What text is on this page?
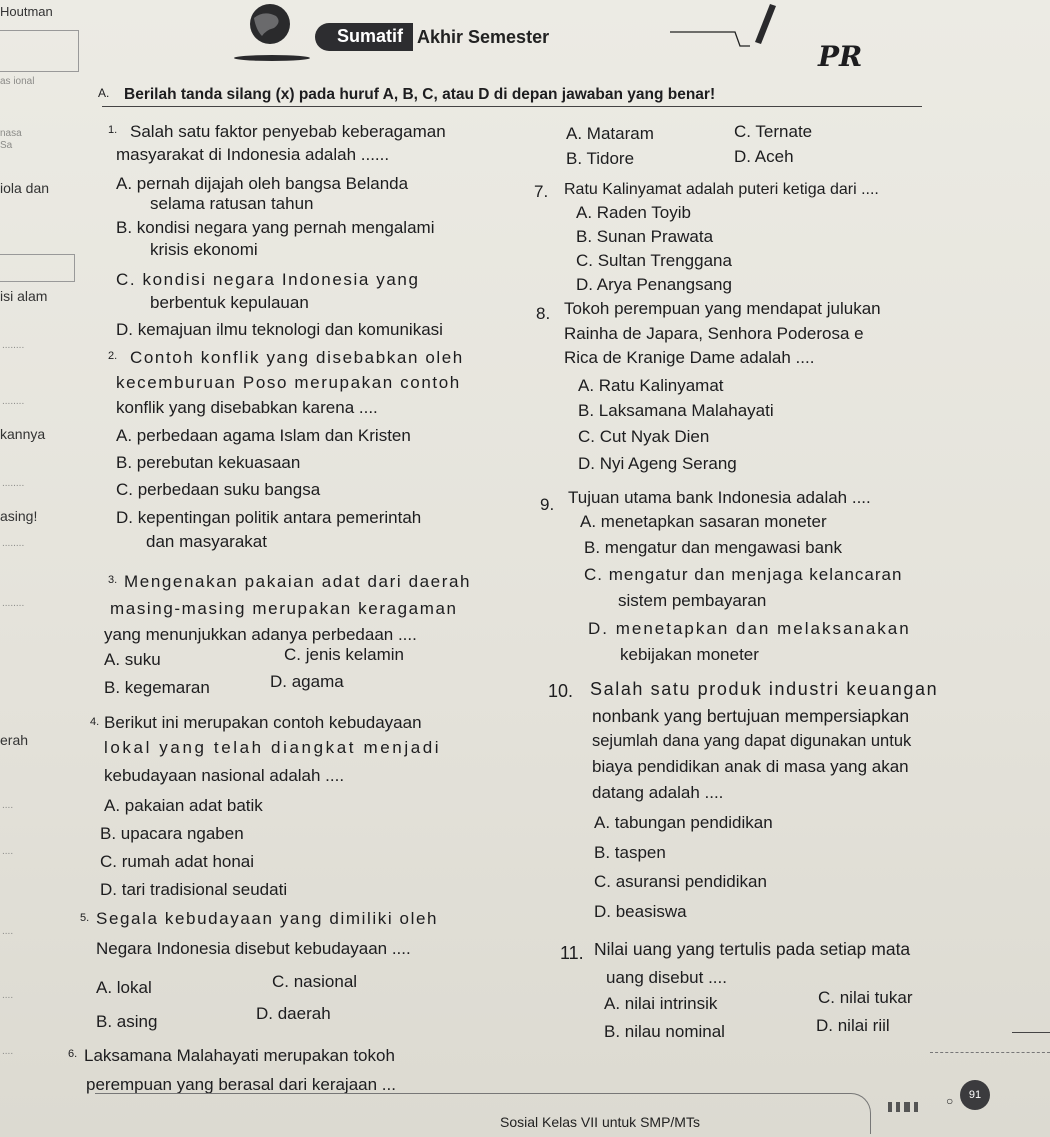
Houtman
as ional
nasa
Sa
iola dan
isi alam
........
........
kannya
........
asing!
........
........
erah
....
....
....
....
....
Sumatif Akhir Semester
PR
A. Berilah tanda silang (x) pada huruf A, B, C, atau D di depan jawaban yang benar!
1. Salah satu faktor penyebab keberagaman
masyarakat di Indonesia adalah ......
A. pernah dijajah oleh bangsa Belanda
selama ratusan tahun
B. kondisi negara yang pernah mengalami
krisis ekonomi
C. kondisi negara Indonesia yang
berbentuk kepulauan
D. kemajuan ilmu teknologi dan komunikasi
2. Contoh konflik yang disebabkan oleh
kecemburuan Poso merupakan contoh
konflik yang disebabkan karena ....
A. perbedaan agama Islam dan Kristen
B. perebutan kekuasaan
C. perbedaan suku bangsa
D. kepentingan politik antara pemerintah
dan masyarakat
3. Mengenakan pakaian adat dari daerah
masing-masing merupakan keragaman
yang menunjukkan adanya perbedaan ....
A. suku	C. jenis kelamin
B. kegemaran	D. agama
4. Berikut ini merupakan contoh kebudayaan
lokal yang telah diangkat menjadi
kebudayaan nasional adalah ....
A. pakaian adat batik
B. upacara ngaben
C. rumah adat honai
D. tari tradisional seudati
5. Segala kebudayaan yang dimiliki oleh
Negara Indonesia disebut kebudayaan ....
A. lokal	C. nasional
B. asing	D. daerah
6. Laksamana Malahayati merupakan tokoh
perempuan yang berasal dari kerajaan ...
A. Mataram	C. Ternate
B. Tidore	D. Aceh
7. Ratu Kalinyamat adalah puteri ketiga dari ....
A. Raden Toyib
B. Sunan Prawata
C. Sultan Trenggana
D. Arya Penangsang
8. Tokoh perempuan yang mendapat julukan
Rainha de Japara, Senhora Poderosa e
Rica de Kranige Dame adalah ....
A. Ratu Kalinyamat
B. Laksamana Malahayati
C. Cut Nyak Dien
D. Nyi Ageng Serang
9. Tujuan utama bank Indonesia adalah ....
A. menetapkan sasaran moneter
B. mengatur dan mengawasi bank
C. mengatur dan menjaga kelancaran
sistem pembayaran
D. menetapkan dan melaksanakan
kebijakan moneter
10. Salah satu produk industri keuangan
nonbank yang bertujuan mempersiapkan
sejumlah dana yang dapat digunakan untuk
biaya pendidikan anak di masa yang akan
datang adalah ....
A. tabungan pendidikan
B. taspen
C. asuransi pendidikan
D. beasiswa
11. Nilai uang yang tertulis pada setiap mata
uang disebut ....
A. nilai intrinsik	C. nilai tukar
B. nilau nominal	D. nilai riil
Sosial Kelas VII untuk SMP/MTs
○	91
